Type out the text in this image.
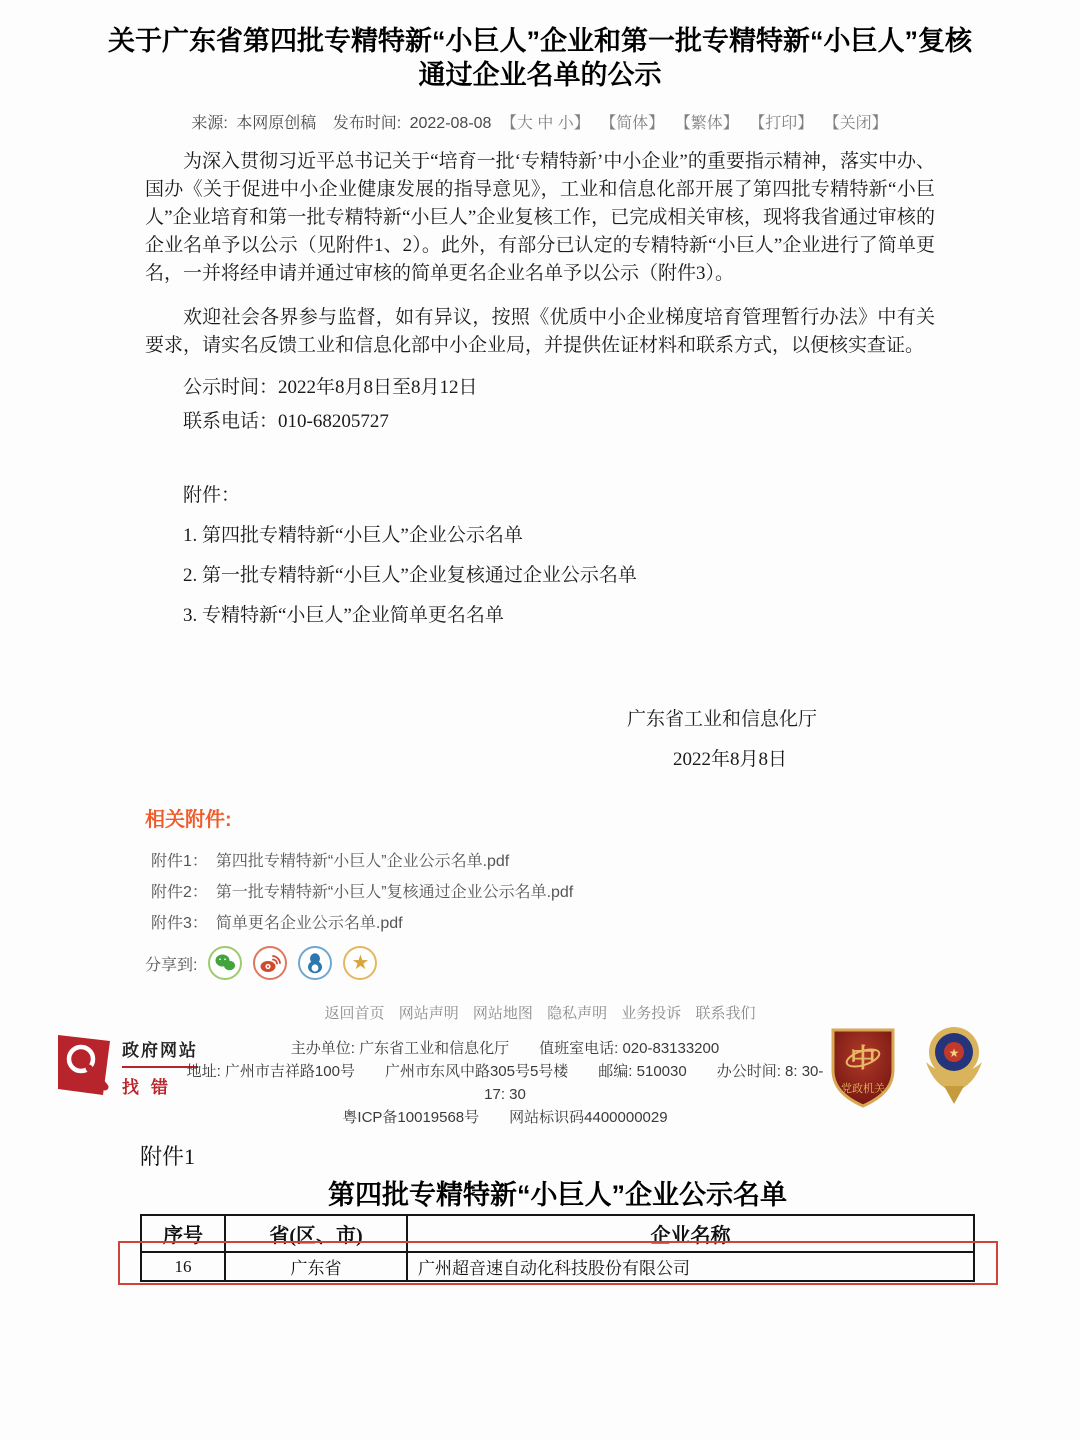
关于广东省第四批专精特新“小巨人”企业和第一批专精特新“小巨人”复核通过企业名单的公示
来源: 本网原创稿 发布时间: 2022-08-08 【大 中 小】 【简体】 【繁体】 【打印】 【关闭】

为深入贯彻习近平总书记关于“培育一批‘专精特新’中小企业”的重要指示精神，落实中办、国办《关于促进中小企业健康发展的指导意见》，工业和信息化部开展了第四批专精特新“小巨人”企业培育和第一批专精特新“小巨人”企业复核工作，已完成相关审核，现将我省通过审核的企业名单予以公示（见附件1、2）。此外，有部分已认定的专精特新“小巨人”企业进行了简单更名，一并将经申请并通过审核的简单更名企业名单予以公示（附件3）。

欢迎社会各界参与监督，如有异议，按照《优质中小企业梯度培育管理暂行办法》中有关要求，请实名反馈工业和信息化部中小企业局，并提供佐证材料和联系方式，以便核实查证。

公示时间：2022年8月8日至8月12日

联系电话：010-68205727

附件：

1. 第四批专精特新“小巨人”企业公示名单

2. 第一批专精特新“小巨人”企业复核通过企业公示名单

3. 专精特新“小巨人”企业简单更名名单

广东省工业和信息化厅

2022年8月8日

相关附件:
附件1： 第四批专精特新“小巨人”企业公示名单.pdf
附件2： 第一批专精特新“小巨人”复核通过企业公示名单.pdf
附件3： 简单更名企业公示名单.pdf
分享到:	★
返回首页 网站声明 网站地图 隐私声明 业务投诉 联系我们
政府网站
找错
主办单位: 广东省工业和信息化厅　　值班室电话: 020-83133200
地址: 广州市吉祥路100号　　广州市东风中路305号5号楼　　邮编: 510030　　办公时间: 8: 30-17: 30
粤ICP备10019568号　　网站标识码4400000029
中
党政机关
★
附件1
第四批专精特新“小巨人”企业公示名单
序号	省(区、市)	企业名称
16	广东省	广州超音速自动化科技股份有限公司
